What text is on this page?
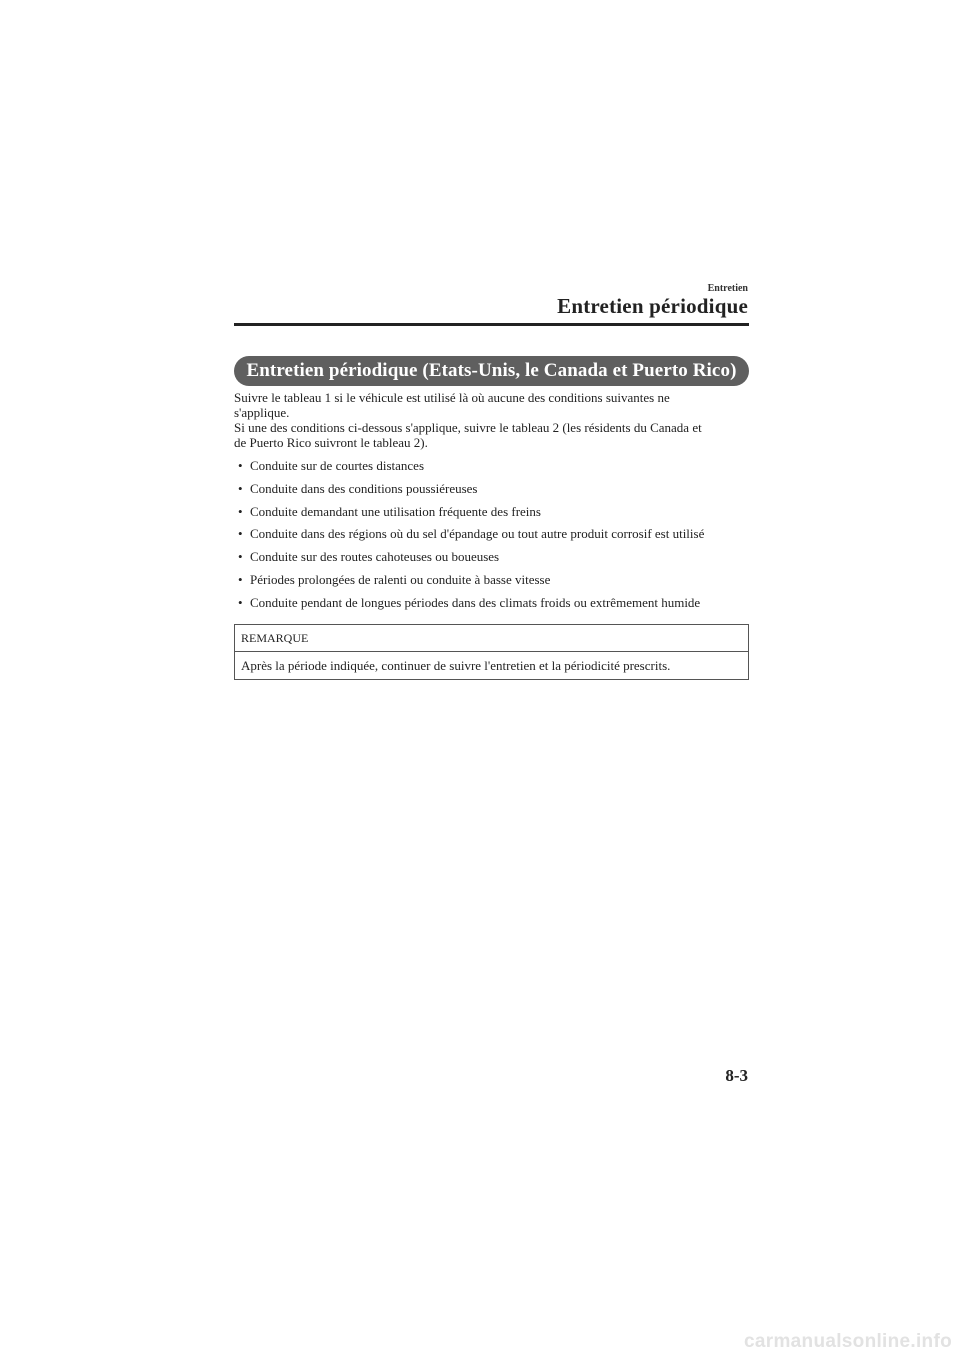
Entretien
Entretien périodique
Entretien périodique (Etats-Unis, le Canada et Puerto Rico)

Suivre le tableau 1 si le véhicule est utilisé là où aucune des conditions suivantes ne

s'applique.

Si une des conditions ci-dessous s'applique, suivre le tableau 2 (les résidents du Canada et

de Puerto Rico suivront le tableau 2).

• Conduite sur de courtes distances
• Conduite dans des conditions poussiéreuses
• Conduite demandant une utilisation fréquente des freins
• Conduite dans des régions où du sel d'épandage ou tout autre produit corrosif est utilisé
• Conduite sur des routes cahoteuses ou boueuses
• Périodes prolongées de ralenti ou conduite à basse vitesse
• Conduite pendant de longues périodes dans des climats froids ou extrêmement humide
REMARQUE
Après la période indiquée, continuer de suivre l'entretien et la périodicité prescrits.
8-3
carmanualsonline.info
